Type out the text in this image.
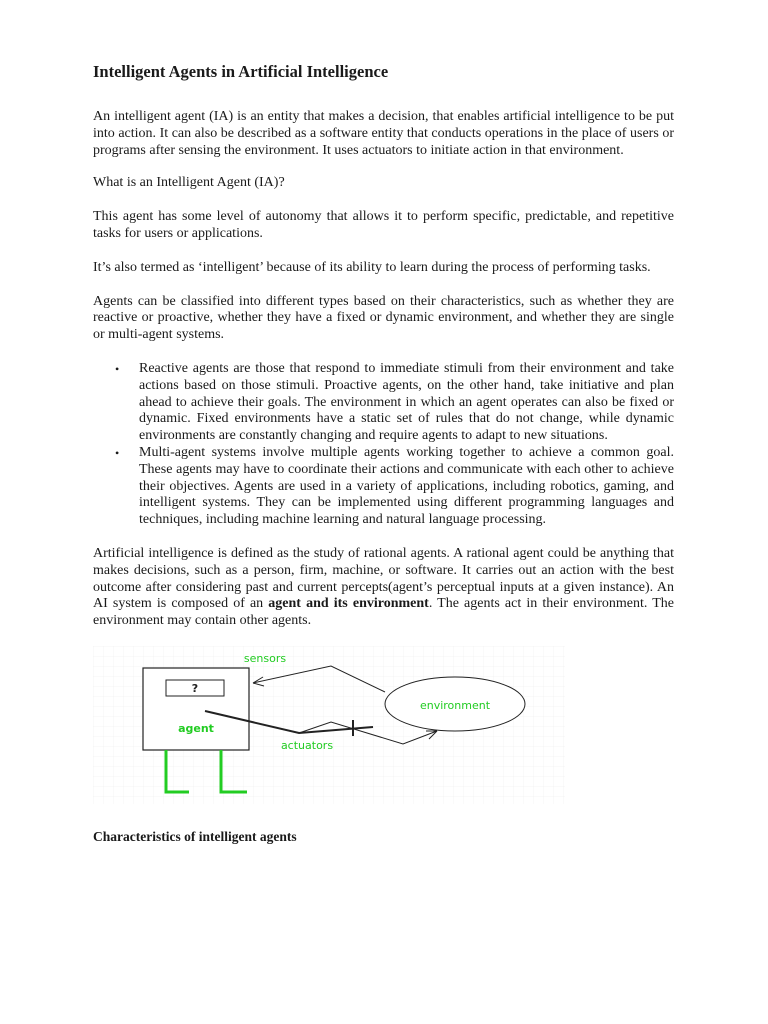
Intelligent Agents in Artificial Intelligence

An intelligent agent (IA) is an entity that makes a decision, that enables artificial intelligence to be put into action. It can also be described as a software entity that conducts operations in the place of users or programs after sensing the environment. It uses actuators to initiate action in that environment.

What is an Intelligent Agent (IA)?

This agent has some level of autonomy that allows it to perform specific, predictable, and repetitive tasks for users or applications.

It’s also termed as ‘intelligent’ because of its ability to learn during the process of performing tasks.

Agents can be classified into different types based on their characteristics, such as whether they are reactive or proactive, whether they have a fixed or dynamic environment, and whether they are single or multi-agent systems.

• Reactive agents are those that respond to immediate stimuli from their environment and take actions based on those stimuli. Proactive agents, on the other hand, take initiative and plan ahead to achieve their goals. The environment in which an agent operates can also be fixed or dynamic. Fixed environments have a static set of rules that do not change, while dynamic environments are constantly changing and require agents to adapt to new situations.
• Multi-agent systems involve multiple agents working together to achieve a common goal. These agents may have to coordinate their actions and communicate with each other to achieve their objectives. Agents are used in a variety of applications, including robotics, gaming, and intelligent systems. They can be implemented using different programming languages and techniques, including machine learning and natural language processing.

Artificial intelligence is defined as the study of rational agents. A rational agent could be anything that makes decisions, such as a person, firm, machine, or software. It carries out an action with the best outcome after considering past and current percepts(agent’s perceptual inputs at a given instance). An AI system is composed of an agent and its environment. The agents act in their environment. The environment may contain other agents.

?
agent
environment
sensors
actuators
Characteristics of intelligent agents
